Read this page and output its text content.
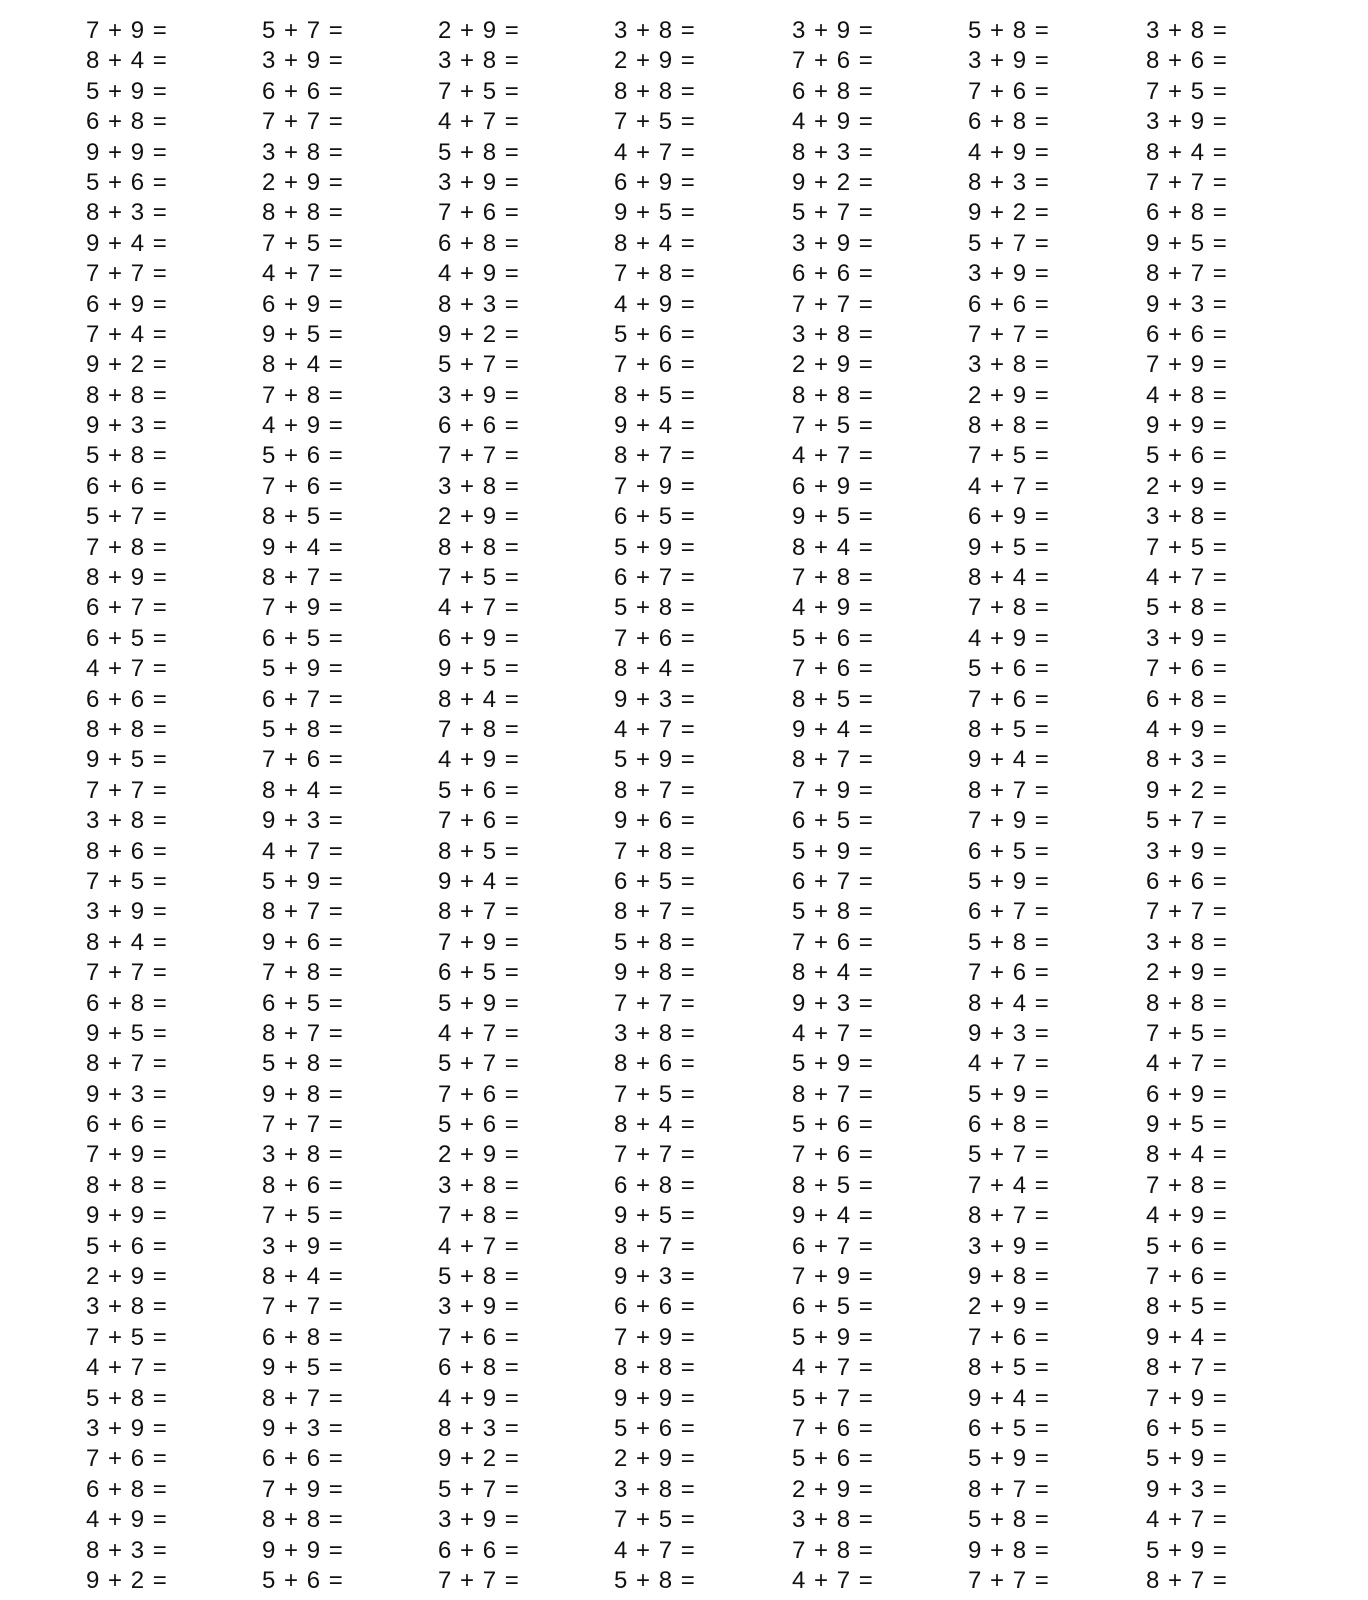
7 + 9 =
8 + 4 =
5 + 9 =
6 + 8 =
9 + 9 =
5 + 6 =
8 + 3 =
9 + 4 =
7 + 7 =
6 + 9 =
7 + 4 =
9 + 2 =
8 + 8 =
9 + 3 =
5 + 8 =
6 + 6 =
5 + 7 =
7 + 8 =
8 + 9 =
6 + 7 =
6 + 5 =
4 + 7 =
6 + 6 =
8 + 8 =
9 + 5 =
7 + 7 =
3 + 8 =
8 + 6 =
7 + 5 =
3 + 9 =
8 + 4 =
7 + 7 =
6 + 8 =
9 + 5 =
8 + 7 =
9 + 3 =
6 + 6 =
7 + 9 =
8 + 8 =
9 + 9 =
5 + 6 =
2 + 9 =
3 + 8 =
7 + 5 =
4 + 7 =
5 + 8 =
3 + 9 =
7 + 6 =
6 + 8 =
4 + 9 =
8 + 3 =
9 + 2 =
5 + 7 =
3 + 9 =
6 + 6 =
7 + 7 =
3 + 8 =
2 + 9 =
8 + 8 =
7 + 5 =
4 + 7 =
6 + 9 =
9 + 5 =
8 + 4 =
7 + 8 =
4 + 9 =
5 + 6 =
7 + 6 =
8 + 5 =
9 + 4 =
8 + 7 =
7 + 9 =
6 + 5 =
5 + 9 =
6 + 7 =
5 + 8 =
7 + 6 =
8 + 4 =
9 + 3 =
4 + 7 =
5 + 9 =
8 + 7 =
9 + 6 =
7 + 8 =
6 + 5 =
8 + 7 =
5 + 8 =
9 + 8 =
7 + 7 =
3 + 8 =
8 + 6 =
7 + 5 =
3 + 9 =
8 + 4 =
7 + 7 =
6 + 8 =
9 + 5 =
8 + 7 =
9 + 3 =
6 + 6 =
7 + 9 =
8 + 8 =
9 + 9 =
5 + 6 =
2 + 9 =
3 + 8 =
7 + 5 =
4 + 7 =
5 + 8 =
3 + 9 =
7 + 6 =
6 + 8 =
4 + 9 =
8 + 3 =
9 + 2 =
5 + 7 =
3 + 9 =
6 + 6 =
7 + 7 =
3 + 8 =
2 + 9 =
8 + 8 =
7 + 5 =
4 + 7 =
6 + 9 =
9 + 5 =
8 + 4 =
7 + 8 =
4 + 9 =
5 + 6 =
7 + 6 =
8 + 5 =
9 + 4 =
8 + 7 =
7 + 9 =
6 + 5 =
5 + 9 =
4 + 7 =
5 + 7 =
7 + 6 =
5 + 6 =
2 + 9 =
3 + 8 =
7 + 8 =
4 + 7 =
5 + 8 =
3 + 9 =
7 + 6 =
6 + 8 =
4 + 9 =
8 + 3 =
9 + 2 =
5 + 7 =
3 + 9 =
6 + 6 =
7 + 7 =
3 + 8 =
2 + 9 =
8 + 8 =
7 + 5 =
4 + 7 =
6 + 9 =
9 + 5 =
8 + 4 =
7 + 8 =
4 + 9 =
5 + 6 =
7 + 6 =
8 + 5 =
9 + 4 =
8 + 7 =
7 + 9 =
6 + 5 =
5 + 9 =
6 + 7 =
5 + 8 =
7 + 6 =
8 + 4 =
9 + 3 =
4 + 7 =
5 + 9 =
8 + 7 =
9 + 6 =
7 + 8 =
6 + 5 =
8 + 7 =
5 + 8 =
9 + 8 =
7 + 7 =
3 + 8 =
8 + 6 =
7 + 5 =
8 + 4 =
7 + 7 =
6 + 8 =
9 + 5 =
8 + 7 =
9 + 3 =
6 + 6 =
7 + 9 =
8 + 8 =
9 + 9 =
5 + 6 =
2 + 9 =
3 + 8 =
7 + 5 =
4 + 7 =
5 + 8 =
3 + 9 =
7 + 6 =
6 + 8 =
4 + 9 =
8 + 3 =
9 + 2 =
5 + 7 =
3 + 9 =
6 + 6 =
7 + 7 =
3 + 8 =
2 + 9 =
8 + 8 =
7 + 5 =
4 + 7 =
6 + 9 =
9 + 5 =
8 + 4 =
7 + 8 =
4 + 9 =
5 + 6 =
7 + 6 =
8 + 5 =
9 + 4 =
8 + 7 =
7 + 9 =
6 + 5 =
5 + 9 =
6 + 7 =
5 + 8 =
7 + 6 =
8 + 4 =
9 + 3 =
4 + 7 =
5 + 9 =
8 + 7 =
5 + 6 =
7 + 6 =
8 + 5 =
9 + 4 =
6 + 7 =
7 + 9 =
6 + 5 =
5 + 9 =
4 + 7 =
5 + 7 =
7 + 6 =
5 + 6 =
2 + 9 =
3 + 8 =
7 + 8 =
4 + 7 =
5 + 8 =
3 + 9 =
7 + 6 =
6 + 8 =
4 + 9 =
8 + 3 =
9 + 2 =
5 + 7 =
3 + 9 =
6 + 6 =
7 + 7 =
3 + 8 =
2 + 9 =
8 + 8 =
7 + 5 =
4 + 7 =
6 + 9 =
9 + 5 =
8 + 4 =
7 + 8 =
4 + 9 =
5 + 6 =
7 + 6 =
8 + 5 =
9 + 4 =
8 + 7 =
7 + 9 =
6 + 5 =
5 + 9 =
6 + 7 =
5 + 8 =
7 + 6 =
8 + 4 =
9 + 3 =
4 + 7 =
5 + 9 =
6 + 8 =
5 + 7 =
7 + 4 =
8 + 7 =
3 + 9 =
9 + 8 =
2 + 9 =
7 + 6 =
8 + 5 =
9 + 4 =
6 + 5 =
5 + 9 =
8 + 7 =
5 + 8 =
9 + 8 =
7 + 7 =
3 + 8 =
8 + 6 =
7 + 5 =
3 + 9 =
8 + 4 =
7 + 7 =
6 + 8 =
9 + 5 =
8 + 7 =
9 + 3 =
6 + 6 =
7 + 9 =
4 + 8 =
9 + 9 =
5 + 6 =
2 + 9 =
3 + 8 =
7 + 5 =
4 + 7 =
5 + 8 =
3 + 9 =
7 + 6 =
6 + 8 =
4 + 9 =
8 + 3 =
9 + 2 =
5 + 7 =
3 + 9 =
6 + 6 =
7 + 7 =
3 + 8 =
2 + 9 =
8 + 8 =
7 + 5 =
4 + 7 =
6 + 9 =
9 + 5 =
8 + 4 =
7 + 8 =
4 + 9 =
5 + 6 =
7 + 6 =
8 + 5 =
9 + 4 =
8 + 7 =
7 + 9 =
6 + 5 =
5 + 9 =
9 + 3 =
4 + 7 =
5 + 9 =
8 + 7 =
